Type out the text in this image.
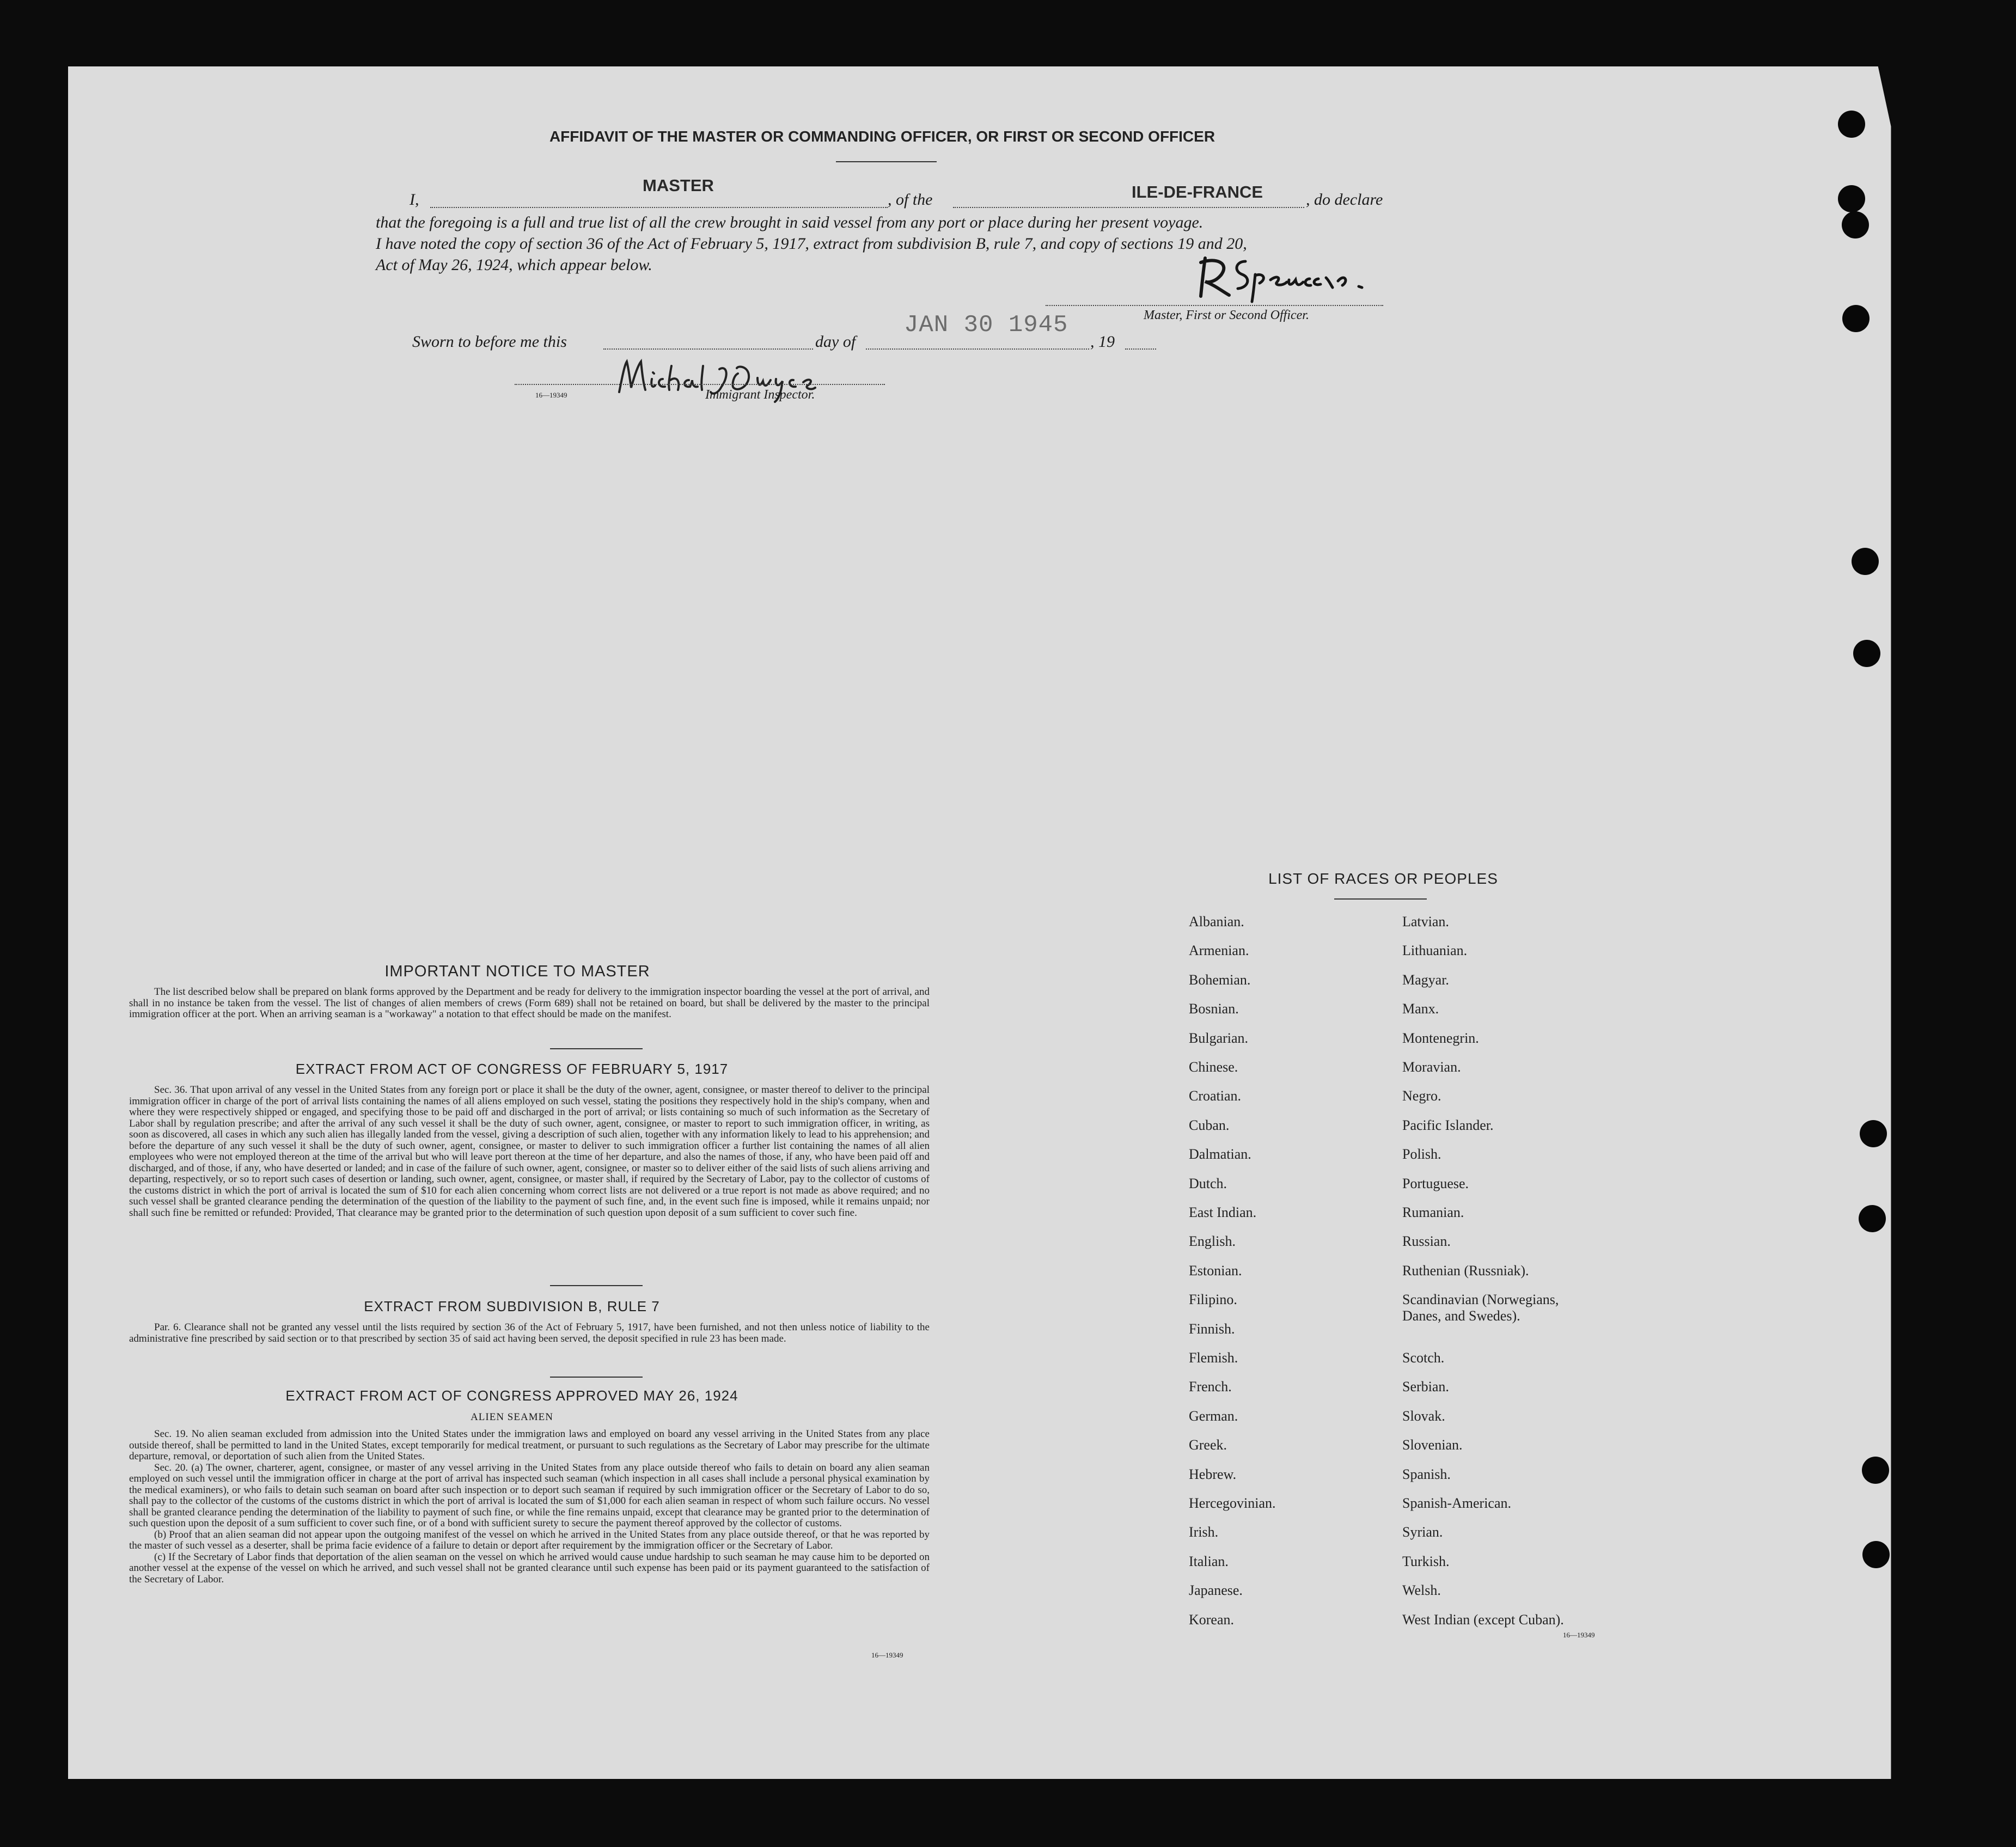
AFFIDAVIT OF THE MASTER OR COMMANDING OFFICER, OR FIRST OR SECOND OFFICER
I,
MASTER
, of the	ILE-DE-FRANCE	, do declare
that the foregoing is a full and true list of all the crew brought in said vessel from any port or place during her present voyage.
I have noted the copy of section 36 of the Act of February 5, 1917, extract from subdivision B, rule 7, and copy of sections 19 and 20,
Act of May 26, 1924, which appear below.
Master, First or Second Officer.
Sworn to before me this	day of
JAN 30 1945
, 19
16—19349	Immigrant Inspector.
IMPORTANT NOTICE TO MASTER
The list described below shall be prepared on blank forms approved by the Department and be ready for delivery to the immigration inspector boarding the vessel at the port of arrival, and shall in no instance be taken from the vessel. The list of changes of alien members of crews (Form 689) shall not be retained on board, but shall be delivered by the master to the principal immigration officer at the port. When an arriving seaman is a "workaway" a notation to that effect should be made on the manifest.
EXTRACT FROM ACT OF CONGRESS OF FEBRUARY 5, 1917
Sec. 36. That upon arrival of any vessel in the United States from any foreign port or place it shall be the duty of the owner, agent, consignee, or master thereof to deliver to the principal immigration officer in charge of the port of arrival lists containing the names of all aliens employed on such vessel, stating the positions they respectively hold in the ship's company, when and where they were respectively shipped or engaged, and specifying those to be paid off and discharged in the port of arrival; or lists containing so much of such information as the Secretary of Labor shall by regulation prescribe; and after the arrival of any such vessel it shall be the duty of such owner, agent, consignee, or master to report to such immigration officer, in writing, as soon as discovered, all cases in which any such alien has illegally landed from the vessel, giving a description of such alien, together with any information likely to lead to his apprehension; and before the departure of any such vessel it shall be the duty of such owner, agent, consignee, or master to deliver to such immigration officer a further list containing the names of all alien employees who were not employed thereon at the time of the arrival but who will leave port thereon at the time of her departure, and also the names of those, if any, who have been paid off and discharged, and of those, if any, who have deserted or landed; and in case of the failure of such owner, agent, consignee, or master so to deliver either of the said lists of such aliens arriving and departing, respectively, or so to report such cases of desertion or landing, such owner, agent, consignee, or master shall, if required by the Secretary of Labor, pay to the collector of customs of the customs district in which the port of arrival is located the sum of $10 for each alien concerning whom correct lists are not delivered or a true report is not made as above required; and no such vessel shall be granted clearance pending the determination of the question of the liability to the payment of such fine, and, in the event such fine is imposed, while it remains unpaid; nor shall such fine be remitted or refunded: Provided, That clearance may be granted prior to the determination of such question upon deposit of a sum sufficient to cover such fine.
EXTRACT FROM SUBDIVISION B, RULE 7
Par. 6. Clearance shall not be granted any vessel until the lists required by section 36 of the Act of February 5, 1917, have been furnished, and not then unless notice of liability to the administrative fine prescribed by said section or to that prescribed by section 35 of said act having been served, the deposit specified in rule 23 has been made.
EXTRACT FROM ACT OF CONGRESS APPROVED MAY 26, 1924
ALIEN SEAMEN
Sec. 19. No alien seaman excluded from admission into the United States under the immigration laws and employed on board any vessel arriving in the United States from any place outside thereof, shall be permitted to land in the United States, except temporarily for medical treatment, or pursuant to such regulations as the Secretary of Labor may prescribe for the ultimate departure, removal, or deportation of such alien from the United States.
Sec. 20. (a) The owner, charterer, agent, consignee, or master of any vessel arriving in the United States from any place outside thereof who fails to detain on board any alien seaman employed on such vessel until the immigration officer in charge at the port of arrival has inspected such seaman (which inspection in all cases shall include a personal physical examination by the medical examiners), or who fails to detain such seaman on board after such inspection or to deport such seaman if required by such immigration officer or the Secretary of Labor to do so, shall pay to the collector of the customs of the customs district in which the port of arrival is located the sum of $1,000 for each alien seaman in respect of whom such failure occurs. No vessel shall be granted clearance pending the determination of the liability to payment of such fine, or while the fine remains unpaid, except that clearance may be granted prior to the determination of such question upon the deposit of a sum sufficient to cover such fine, or of a bond with sufficient surety to secure the payment thereof approved by the collector of customs.
(b) Proof that an alien seaman did not appear upon the outgoing manifest of the vessel on which he arrived in the United States from any place outside thereof, or that he was reported by the master of such vessel as a deserter, shall be prima facie evidence of a failure to detain or deport after requirement by the immigration officer or the Secretary of Labor.
(c) If the Secretary of Labor finds that deportation of the alien seaman on the vessel on which he arrived would cause undue hardship to such seaman he may cause him to be deported on another vessel at the expense of the vessel on which he arrived, and such vessel shall not be granted clearance until such expense has been paid or its payment guaranteed to the satisfaction of the Secretary of Labor.
16—19349
LIST OF RACES OR PEOPLES
Albanian.
Armenian.
Bohemian.
Bosnian.
Bulgarian.
Chinese.
Croatian.
Cuban.
Dalmatian.
Dutch.
East Indian.
English.
Estonian.
Filipino.
Finnish.
Flemish.
French.
German.
Greek.
Hebrew.
Hercegovinian.
Irish.
Italian.
Japanese.
Korean.
Latvian.
Lithuanian.
Magyar.
Manx.
Montenegrin.
Moravian.
Negro.
Pacific Islander.
Polish.
Portuguese.
Rumanian.
Russian.
Ruthenian (Russniak).
Scandinavian (Norwegians, Danes, and Swedes).
Scotch.
Serbian.
Slovak.
Slovenian.
Spanish.
Spanish-American.
Syrian.
Turkish.
Welsh.
West Indian (except Cuban).
16—19349
